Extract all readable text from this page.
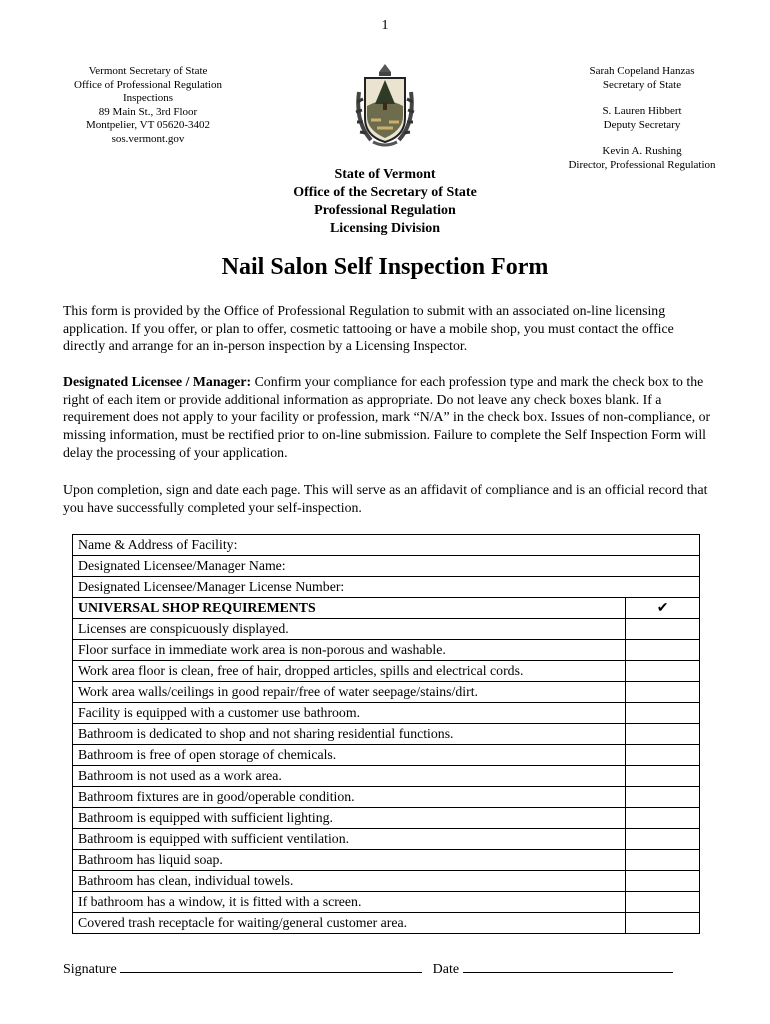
1
Vermont Secretary of State
Office of Professional Regulation
Inspections
89 Main St., 3rd Floor
Montpelier, VT 05620-3402
sos.vermont.gov
Sarah Copeland Hanzas
Secretary of State
S. Lauren Hibbert
Deputy Secretary
Kevin A. Rushing
Director, Professional Regulation
State of Vermont
Office of the Secretary of State
Professional Regulation
Licensing Division
Nail Salon Self Inspection Form
This form is provided by the Office of Professional Regulation to submit with an associated on-line licensing application. If you offer, or plan to offer, cosmetic tattooing or have a mobile shop, you must contact the office directly and arrange for an in-person inspection by a Licensing Inspector.
Designated Licensee / Manager: Confirm your compliance for each profession type and mark the check box to the right of each item or provide additional information as appropriate. Do not leave any check boxes blank. If a requirement does not apply to your facility or profession, mark “N/A” in the check box. Issues of non-compliance, or missing information, must be rectified prior to on-line submission. Failure to complete the Self Inspection Form will delay the processing of your application.
Upon completion, sign and date each page. This will serve as an affidavit of compliance and is an official record that you have successfully completed your self-inspection.
Name & Address of Facility:	
Designated Licensee/Manager Name:	
Designated Licensee/Manager License Number:	
UNIVERSAL SHOP REQUIREMENTS	✔
Licenses are conspicuously displayed.	
Floor surface in immediate work area is non-porous and washable.	
Work area floor is clean, free of hair, dropped articles, spills and electrical cords.	
Work area walls/ceilings in good repair/free of water seepage/stains/dirt.	
Facility is equipped with a customer use bathroom.	
Bathroom is dedicated to shop and not sharing residential functions.	
Bathroom is free of open storage of chemicals.	
Bathroom is not used as a work area.	
Bathroom fixtures are in good/operable condition.	
Bathroom is equipped with sufficient lighting.	
Bathroom is equipped with sufficient ventilation.	
Bathroom has liquid soap.	
Bathroom has clean, individual towels.	
If bathroom has a window, it is fitted with a screen.	
Covered trash receptacle for waiting/general customer area.	
Signature	Date
